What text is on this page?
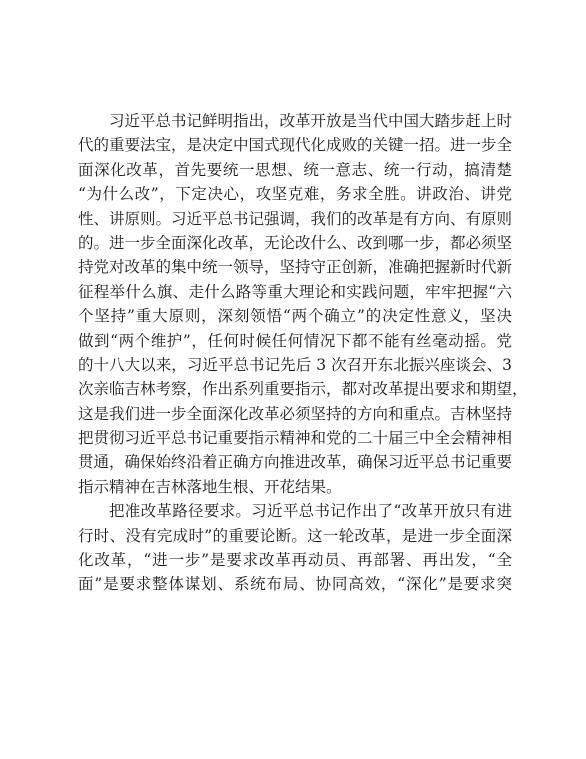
习近平总书记鲜明指出，改革开放是当代中国大踏步赶上时
代的重要法宝，是决定中国式现代化成败的关键一招。进一步全
面深化改革，首先要统一思想、统一意志、统一行动，搞清楚
“为什么改”，下定决心，攻坚克难，务求全胜。讲政治、讲党
性、讲原则。习近平总书记强调，我们的改革是有方向、有原则
的。进一步全面深化改革，无论改什么、改到哪一步，都必须坚
持党对改革的集中统一领导，坚持守正创新，准确把握新时代新
征程举什么旗、走什么路等重大理论和实践问题，牢牢把握“六
个坚持”重大原则，深刻领悟“两个确立”的决定性意义，坚决
做到“两个维护”，任何时候任何情况下都不能有丝毫动摇。党
的十八大以来，习近平总书记先后 3 次召开东北振兴座谈会、3
次亲临吉林考察，作出系列重要指示，都对改革提出要求和期望，
这是我们进一步全面深化改革必须坚持的方向和重点。吉林坚持
把贯彻习近平总书记重要指示精神和党的二十届三中全会精神相
贯通，确保始终沿着正确方向推进改革，确保习近平总书记重要
指示精神在吉林落地生根、开花结果。
把准改革路径要求。习近平总书记作出了“改革开放只有进
行时、没有完成时”的重要论断。这一轮改革，是进一步全面深
化改革，“进一步”是要求改革再动员、再部署、再出发，“全
面”是要求整体谋划、系统布局、协同高效，“深化”是要求突
